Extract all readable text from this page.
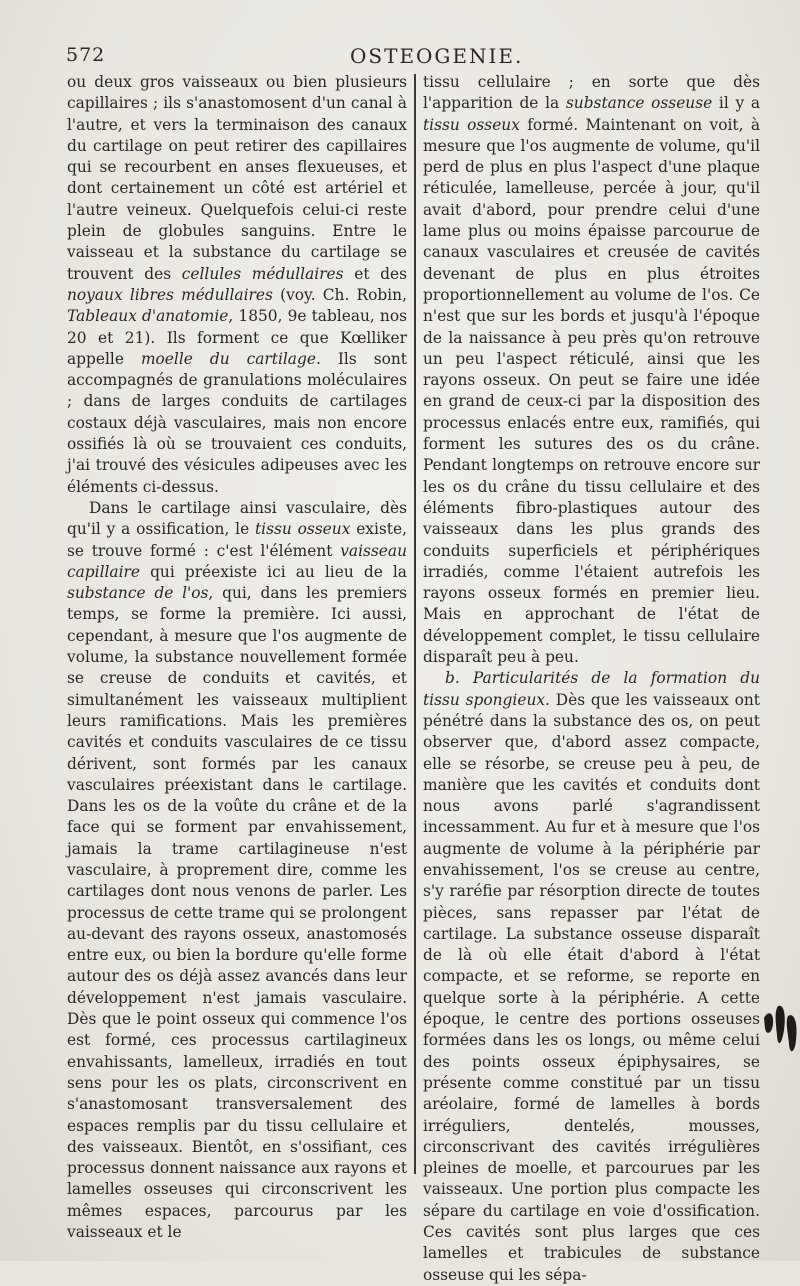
572	OSTEOGENIE.

ou deux gros vaisseaux ou bien plusieurs capillaires ; ils s'anastomosent d'un canal à l'autre, et vers la terminaison des canaux du cartilage on peut retirer des capillaires qui se recourbent en anses flexueuses, et dont certainement un côté est artériel et l'autre veineux. Quelquefois celui-ci reste plein de globules sanguins. Entre le vaisseau et la substance du cartilage se trouvent des cellules médullaires et des noyaux libres médullaires (voy. Ch. Robin, Tableaux d'anatomie, 1850, 9e tableau, nos 20 et 21). Ils forment ce que Kœlliker appelle moelle du cartilage. Ils sont accompagnés de granulations moléculaires ; dans de larges conduits de cartilages costaux déjà vasculaires, mais non encore ossifiés là où se trouvaient ces conduits, j'ai trouvé des vésicules adipeuses avec les éléments ci-dessus.

Dans le cartilage ainsi vasculaire, dès qu'il y a ossification, le tissu osseux existe, se trouve formé : c'est l'élément vaisseau capillaire qui préexiste ici au lieu de la substance de l'os, qui, dans les premiers temps, se forme la première. Ici aussi, cependant, à mesure que l'os augmente de volume, la substance nouvellement formée se creuse de conduits et cavités, et simultanément les vaisseaux multiplient leurs ramifications. Mais les premières cavités et conduits vasculaires de ce tissu dérivent, sont formés par les canaux vasculaires préexistant dans le cartilage. Dans les os de la voûte du crâne et de la face qui se forment par envahissement, jamais la trame cartilagineuse n'est vasculaire, à proprement dire, comme les cartilages dont nous venons de parler. Les processus de cette trame qui se prolongent au-devant des rayons osseux, anastomosés entre eux, ou bien la bordure qu'elle forme autour des os déjà assez avancés dans leur développement n'est jamais vasculaire. Dès que le point osseux qui commence l'os est formé, ces processus cartilagineux envahissants, lamelleux, irradiés en tout sens pour les os plats, circonscrivent en s'anastomosant transversalement des espaces remplis par du tissu cellulaire et des vaisseaux. Bientôt, en s'ossifiant, ces processus donnent naissance aux rayons et lamelles osseuses qui circonscrivent les mêmes espaces, parcourus par les vaisseaux et le

tissu cellulaire ; en sorte que dès l'apparition de la substance osseuse il y a tissu osseux formé. Maintenant on voit, à mesure que l'os augmente de volume, qu'il perd de plus en plus l'aspect d'une plaque réticulée, lamelleuse, percée à jour, qu'il avait d'abord, pour prendre celui d'une lame plus ou moins épaisse parcourue de canaux vasculaires et creusée de cavités devenant de plus en plus étroites proportionnellement au volume de l'os. Ce n'est que sur les bords et jusqu'à l'époque de la naissance à peu près qu'on retrouve un peu l'aspect réticulé, ainsi que les rayons osseux. On peut se faire une idée en grand de ceux-ci par la disposition des processus enlacés entre eux, ramifiés, qui forment les sutures des os du crâne. Pendant longtemps on retrouve encore sur les os du crâne du tissu cellulaire et des éléments fibro-plastiques autour des vaisseaux dans les plus grands des conduits superficiels et périphériques irradiés, comme l'étaient autrefois les rayons osseux formés en premier lieu. Mais en approchant de l'état de développement complet, le tissu cellulaire disparaît peu à peu.

b. Particularités de la formation du tissu spongieux. Dès que les vaisseaux ont pénétré dans la substance des os, on peut observer que, d'abord assez compacte, elle se résorbe, se creuse peu à peu, de manière que les cavités et conduits dont nous avons parlé s'agrandissent incessamment. Au fur et à mesure que l'os augmente de volume à la périphérie par envahissement, l'os se creuse au centre, s'y raréfie par résorption directe de toutes pièces, sans repasser par l'état de cartilage. La substance osseuse disparaît de là où elle était d'abord à l'état compacte, et se reforme, se reporte en quelque sorte à la périphérie. A cette époque, le centre des portions osseuses formées dans les os longs, ou même celui des points osseux épiphysaires, se présente comme constitué par un tissu aréolaire, formé de lamelles à bords irréguliers, dentelés, mousses, circonscrivant des cavités irrégulières pleines de moelle, et parcourues par les vaisseaux. Une portion plus compacte les sépare du cartilage en voie d'ossification. Ces cavités sont plus larges que ces lamelles et trabicules de substance osseuse qui les sépa-
